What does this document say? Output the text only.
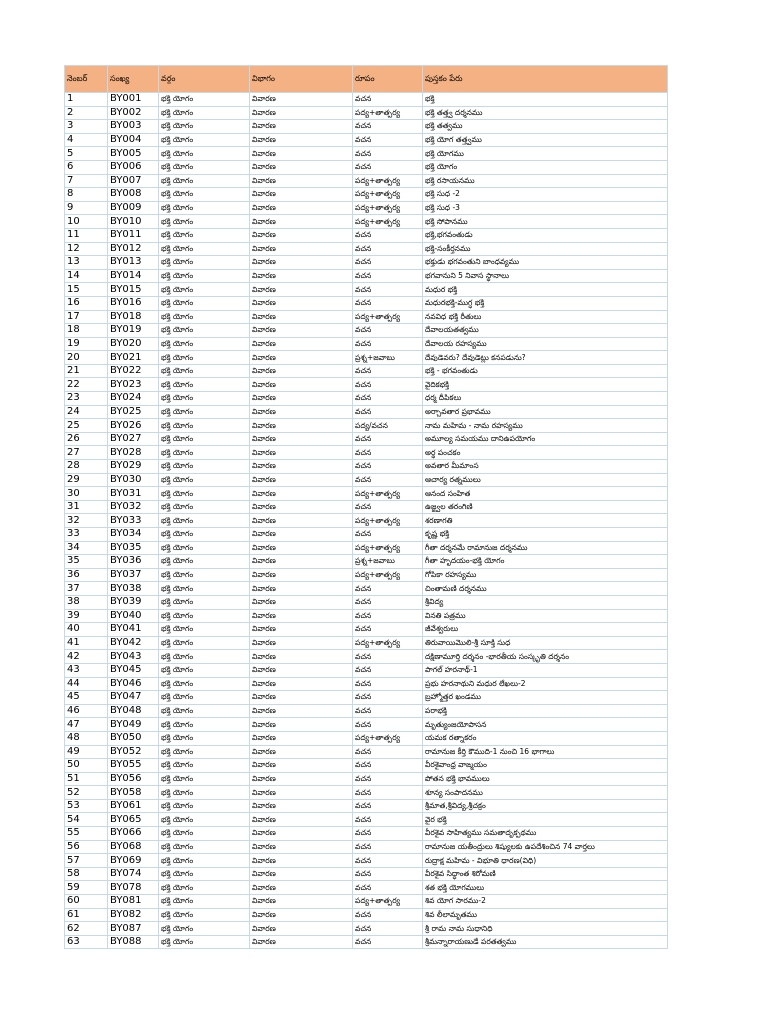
నెంబర్	సంఖ్య	వర్గం	విభాగం	రూపం	పుస్తకం పేరు
1	BY001	భక్తి యోగం	వివారణ	వచన	భక్తి
2	BY002	భక్తి యోగం	వివారణ	పద్య+తాత్పర్య	భక్తి తత్త్వ దర్శనము
3	BY003	భక్తి యోగం	వివారణ	వచన	భక్తి తత్వము
4	BY004	భక్తి యోగం	వివారణ	వచన	భక్తి యోగ తత్త్వము
5	BY005	భక్తి యోగం	వివారణ	వచన	భక్తి యోగము
6	BY006	భక్తి యోగం	వివారణ	వచన	భక్తి యోగం
7	BY007	భక్తి యోగం	వివారణ	పద్య+తాత్పర్య	భక్తి రసాయనము
8	BY008	భక్తి యోగం	వివారణ	పద్య+తాత్పర్య	భక్తి సుధ -2
9	BY009	భక్తి యోగం	వివారణ	పద్య+తాత్పర్య	భక్తి సుధ -3
10	BY010	భక్తి యోగం	వివారణ	పద్య+తాత్పర్య	భక్తి సోపానము
11	BY011	భక్తి యోగం	వివారణ	వచన	భక్తి,భగవంతుడు
12	BY012	భక్తి యోగం	వివారణ	వచన	భక్తి-సంకీర్తనము
13	BY013	భక్తి యోగం	వివారణ	వచన	భక్తుడు భగవంతుని బాంధవ్యము
14	BY014	భక్తి యోగం	వివారణ	వచన	భగవానుని 5 నివాస స్థానాలు
15	BY015	భక్తి యోగం	వివారణ	వచన	మధుర భక్తి
16	BY016	భక్తి యోగం	వివారణ	వచన	మధురభక్తి-ముగ్ధ భక్తి
17	BY018	భక్తి యోగం	వివారణ	పద్య+తాత్పర్య	నవవిధ భక్తి రీతులు
18	BY019	భక్తి యోగం	వివారణ	వచన	దేవాలయతత్వము
19	BY020	భక్తి యోగం	వివారణ	వచన	దేవాలయ రహస్యము
20	BY021	భక్తి యోగం	వివారణ	ప్రశ్న+జవాబు	దేవుడెవరు? దేవుడెట్లు కనపడును?
21	BY022	భక్తి యోగం	వివారణ	వచన	భక్తి - భగవంతుడు
22	BY023	భక్తి యోగం	వివారణ	వచన	వైదికభక్తి
23	BY024	భక్తి యోగం	వివారణ	వచన	ధర్మ దీపికలు
24	BY025	భక్తి యోగం	వివారణ	వచన	అర్చావతార ప్రభావము
25	BY026	భక్తి యోగం	వివారణ	పద్య/వచన	నామ మహిమ - నామ రహస్యము
26	BY027	భక్తి యోగం	వివారణ	వచన	అమూల్య సమయము దానిఉపయోగం
27	BY028	భక్తి యోగం	వివారణ	వచన	అర్థ పంచకం
28	BY029	భక్తి యోగం	వివారణ	వచన	అవతార మీమాంస
29	BY030	భక్తి యోగం	వివారణ	వచన	ఆచార్య రత్నములు
30	BY031	భక్తి యోగం	వివారణ	పద్య+తాత్పర్య	ఆనంద సంహిత
31	BY032	భక్తి యోగం	వివారణ	వచన	ఉజ్జ్వల తరంగిణి
32	BY033	భక్తి యోగం	వివారణ	పద్య+తాత్పర్య	శరణాగతి
33	BY034	భక్తి యోగం	వివారణ	వచన	కృష్ణ భక్తి
34	BY035	భక్తి యోగం	వివారణ	పద్య+తాత్పర్య	గీతా దర్శనమే రామానుజ దర్శనము
35	BY036	భక్తి యోగం	వివారణ	ప్రశ్న+జవాబు	గీతా హృదయం-భక్తి యోగం
36	BY037	భక్తి యోగం	వివారణ	పద్య+తాత్పర్య	గోపికా రహస్యము
37	BY038	భక్తి యోగం	వివారణ	వచన	చింతామణి దర్శనము
38	BY039	భక్తి యోగం	వివారణ	వచన	శ్రీవిద్య
39	BY040	భక్తి యోగం	వివారణ	వచన	వినతి పత్రము
40	BY041	భక్తి యోగం	వివారణ	వచన	జీవేశ్వరులు
41	BY042	భక్తి యోగం	వివారణ	పద్య+తాత్పర్య	తిరువాయిమొలి-శ్రీ సూక్తి సుధ
42	BY043	భక్తి యోగం	వివారణ	వచన	దక్షిణామూర్తి దర్శనం -భారతీయ సంస్కృతి దర్శనం
43	BY045	భక్తి యోగం	వివారణ	వచన	పాగల్ హరనాథ్-1
44	BY046	భక్తి యోగం	వివారణ	వచన	ప్రభు హరనాథుని మధుర లేఖలు-2
45	BY047	భక్తి యోగం	వివారణ	వచన	బ్రహ్మోత్తర ఖండము
46	BY048	భక్తి యోగం	వివారణ	వచన	పరాభక్తి
47	BY049	భక్తి యోగం	వివారణ	వచన	మృత్యుంజయోపాసన
48	BY050	భక్తి యోగం	వివారణ	పద్య+తాత్పర్య	యమక రత్నాకరం
49	BY052	భక్తి యోగం	వివారణ	వచన	రామానుజ కీర్తి కౌముది-1 నుంచి 16 భాగాలు
50	BY055	భక్తి యోగం	వివారణ	వచన	వీరశైవాంధ్ర వాఙ్మయం
51	BY056	భక్తి యోగం	వివారణ	వచన	పోతన భక్తి భావములు
52	BY058	భక్తి యోగం	వివారణ	వచన	శూన్య సంపాదనము
53	BY061	భక్తి యోగం	వివారణ	వచన	శ్రీమాత,శ్రీవిద్య,శ్రీచక్రం
54	BY065	భక్తి యోగం	వివారణ	వచన	వైర భక్తి
55	BY066	భక్తి యోగం	వివారణ	వచన	వీరశైవ సాహిత్యము సమతాదృక్పథము
56	BY068	భక్తి యోగం	వివారణ	వచన	రామానుజ యతీంద్రులు శిష్యులకు ఉపదేశించిన 74 వార్తలు
57	BY069	భక్తి యోగం	వివారణ	వచన	రుద్రాక్ష మహిమ - విభూతి ధారణ(విధి)
58	BY074	భక్తి యోగం	వివారణ	వచన	వీరశైవ సిద్ధాంత శిరోమణి
59	BY078	భక్తి యోగం	వివారణ	వచన	శత భక్తి యోగములు
60	BY081	భక్తి యోగం	వివారణ	పద్య+తాత్పర్య	శివ యోగ సారము-2
61	BY082	భక్తి యోగం	వివారణ	వచన	శివ లీలామృతము
62	BY087	భక్తి యోగం	వివారణ	వచన	శ్రీ రామ నామ సుధానిధి
63	BY088	భక్తి యోగం	వివారణ	వచన	శ్రీమన్నారాయణుడే పరతత్వము
